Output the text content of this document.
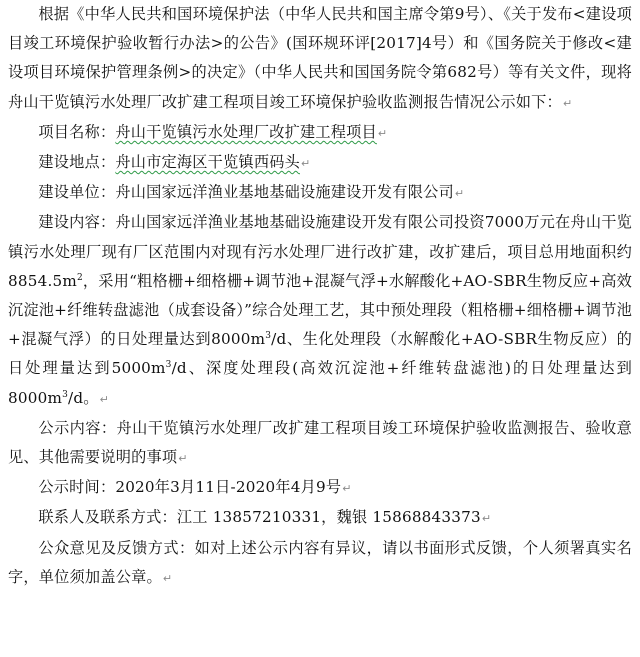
根据《中华人民共和国环境保护法（中华人民共和国主席令第9号）、《关于发布<建设项目竣工环境保护验收暂行办法>的公告》(国环规环评[2017]4号）和《国务院关于修改<建设项目环境保护管理条例>的决定》（中华人民共和国国务院令第682号）等有关文件，现将舟山干览镇污水处理厂改扩建工程项目竣工环境保护验收监测报告情况公示如下：↵

项目名称：舟山干览镇污水处理厂改扩建工程项目↵

建设地点：舟山市定海区干览镇西码头↵

建设单位：舟山国家远洋渔业基地基础设施建设开发有限公司↵

建设内容：舟山国家远洋渔业基地基础设施建设开发有限公司投资7000万元在舟山干览镇污水处理厂现有厂区范围内对现有污水处理厂进行改扩建，改扩建后，项目总用地面积约$8854.5m^2$，采用“粗格栅+细格栅+调节池+混凝气浮+水解酸化+AO-SBR生物反应+高效沉淀池+纤维转盘滤池（成套设备）”综合处理工艺，其中预处理段（粗格栅+细格栅+调节池+混凝气浮）的日处理量达到$8000m^3/d$、生化处理段（水解酸化+AO-SBR生物反应）的日处理量达到$5000m^3/d$、深度处理段(高效沉淀池+纤维转盘滤池)的日处理量达到$8000m^3/d$。↵

公示内容：舟山干览镇污水处理厂改扩建工程项目竣工环境保护验收监测报告、验收意见、其他需要说明的事项↵

公示时间：2020年3月11日-2020年4月9号↵

联系人及联系方式：江工 13857210331，魏银 15868843373↵

公众意见及反馈方式：如对上述公示内容有异议，请以书面形式反馈，个人须署真实名字，单位须加盖公章。↵
